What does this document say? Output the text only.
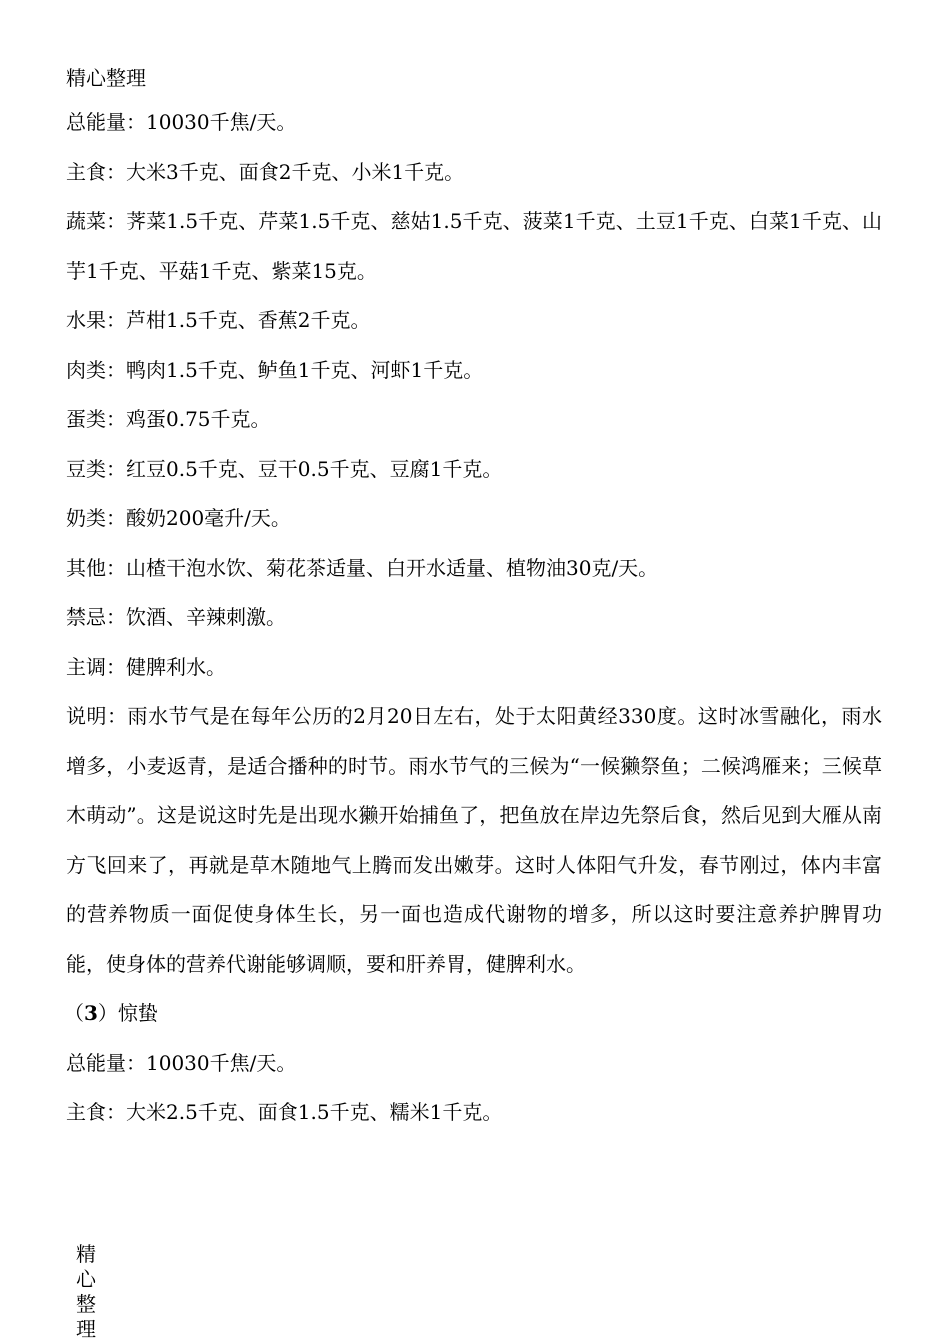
精心整理

总能量：10030千焦/天。

主食：大米3千克、面食2千克、小米1千克。

蔬菜：荠菜1.5千克、芹菜1.5千克、慈姑1.5千克、菠菜1千克、土豆1千克、白菜1千克、山芋1千克、平菇1千克、紫菜15克。

水果：芦柑1.5千克、香蕉2千克。

肉类：鸭肉1.5千克、鲈鱼1千克、河虾1千克。

蛋类：鸡蛋0.75千克。

豆类：红豆0.5千克、豆干0.5千克、豆腐1千克。

奶类：酸奶200毫升/天。

其他：山楂干泡水饮、菊花茶适量、白开水适量、植物油30克/天。

禁忌：饮酒、辛辣刺激。

主调：健脾利水。

说明：雨水节气是在每年公历的2月20日左右，处于太阳黄经330度。这时冰雪融化，雨水增多，小麦返青，是适合播种的时节。雨水节气的三候为“一候獭祭鱼；二候鸿雁来；三候草木萌动”。这是说这时先是出现水獭开始捕鱼了，把鱼放在岸边先祭后食，然后见到大雁从南方飞回来了，再就是草木随地气上腾而发出嫩芽。这时人体阳气升发，春节刚过，体内丰富的营养物质一面促使身体生长，另一面也造成代谢物的增多，所以这时要注意养护脾胃功能，使身体的营养代谢能够调顺，要和肝养胃，健脾利水。

（3）惊蛰

总能量：10030千焦/天。

主食：大米2.5千克、面食1.5千克、糯米1千克。

精心整理
